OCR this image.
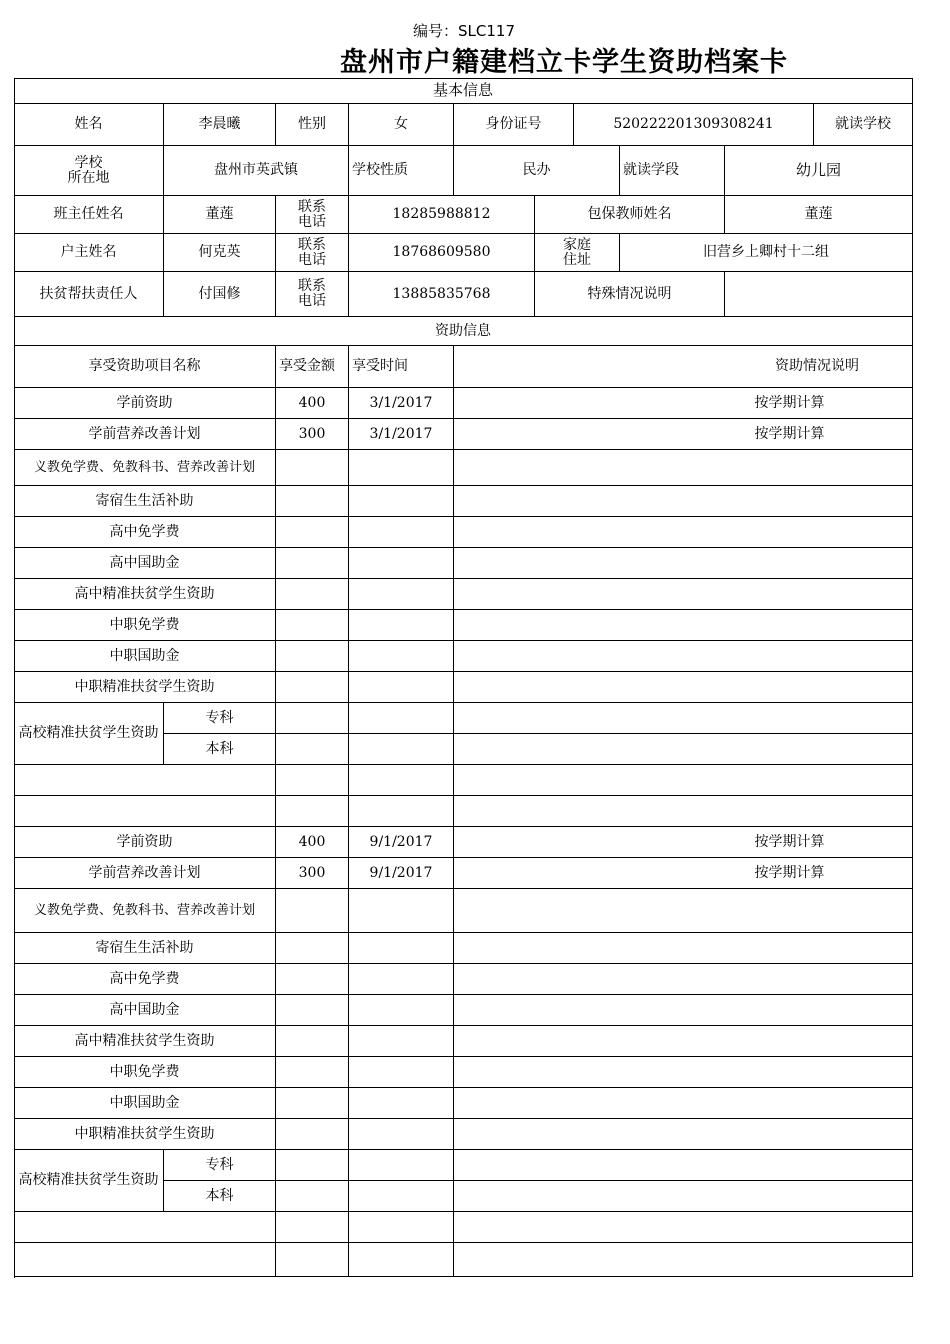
编号：SLC117
盘州市户籍建档立卡学生资助档案卡
基本信息
姓名	李晨曦	性别	女	身份证号	520222201309308241	就读学校
学校
所在地	盘州市英武镇	学校性质	民办	就读学段	幼儿园
班主任姓名	董莲	联系
电话	18285988812	包保教师姓名	董莲
户主姓名	何克英	联系
电话	18768609580	家庭
住址	旧营乡上卿村十二组
扶贫帮扶责任人	付国修	联系
电话	13885835768	特殊情况说明
资助信息
享受资助项目名称	享受金额	享受时间	资助情况说明
学前资助	400	3/1/2017	按学期计算
学前营养改善计划	300	3/1/2017	按学期计算
义教免学费、免教科书、营养改善计划
寄宿生生活补助
高中免学费
高中国助金
高中精准扶贫学生资助
中职免学费
中职国助金
中职精准扶贫学生资助
高校精准扶贫学生资助
专科
本科
学前资助	400	9/1/2017	按学期计算
学前营养改善计划	300	9/1/2017	按学期计算
义教免学费、免教科书、营养改善计划
寄宿生生活补助
高中免学费
高中国助金
高中精准扶贫学生资助
中职免学费
中职国助金
中职精准扶贫学生资助
高校精准扶贫学生资助
专科
本科
